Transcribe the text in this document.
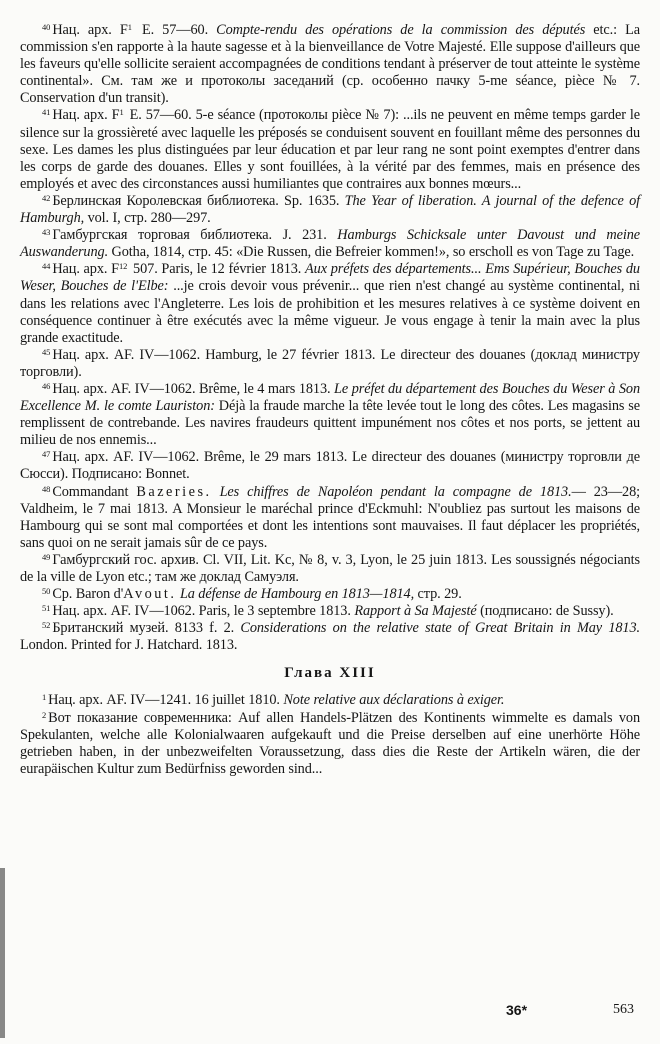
$^{40}$ Нац. арх. $F^1$ E. 57—60. Compte-rendu des opérations de la commission des députés etc.: La commission s'en rapporte à la haute sagesse et à la bienveillance de Votre Majesté. Elle suppose d'ailleurs que les faveurs qu'elle sollicite seraient accompagnées de conditions tendant à préserver de tout atteinte le système continental». См. там же и протоколы заседаний (ср. особенно пачку 5-me séance, pièce № 7. Conservation d'un transit).

$^{41}$ Нац. арх. $F^1$ E. 57—60. 5-e séance (протоколы pièce № 7): ...ils ne peuvent en même temps garder le silence sur la grossièreté avec laquelle les préposés se conduisent souvent en fouillant même des personnes du sexe. Les dames les plus distinguées par leur éducation et par leur rang ne sont point exemptes d'entrer dans les corps de garde des douanes. Elles y sont fouillées, à la vérité par des femmes, mais en présence des employés et avec des circonstances aussi humiliantes que contraires aux bonnes mœurs...

$^{42}$ Берлинская Королевская библиотека. Sp. 1635. The Year of liberation. A journal of the defence of Hamburgh, vol. I, стр. 280—297.

$^{43}$ Гамбургская торговая библиотека. J. 231. Hamburgs Schicksale unter Davoust und meine Auswanderung. Gotha, 1814, стр. 45: «Die Russen, die Befreier kommen!», so erscholl es von Tage zu Tage.

$^{44}$ Нац. арх. $F^{12}$ 507. Paris, le 12 février 1813. Aux préfets des départements... Ems Supérieur, Bouches du Weser, Bouches de l'Elbe: ...je crois devoir vous prévenir... que rien n'est changé au système continental, ni dans les relations avec l'Angleterre. Les lois de prohibition et les mesures relatives à ce système doivent en conséquence continuer à être exécutés avec la même vigueur. Je vous engage à tenir la main avec la plus grande exactitude.

$^{45}$ Нац. арх. AF. IV—1062. Hamburg, le 27 février 1813. Le directeur des douanes (доклад министру торговли).

$^{46}$ Нац. арх. AF. IV—1062. Brême, le 4 mars 1813. Le préfet du département des Bouches du Weser à Son Excellence M. le comte Lauriston: Déjà la fraude marche la tête levée tout le long des côtes. Les magasins se remplissent de contrebande. Les navires fraudeurs quittent impunément nos côtes et nos ports, se jettent au milieu de nos ennemis...

$^{47}$ Нац. арх. AF. IV—1062. Brême, le 29 mars 1813. Le directeur des douanes (министру торговли де Сюсси). Подписано: Bonnet.

$^{48}$ Commandant Bazeries. Les chiffres de Napoléon pendant la compagne de 1813.— 23—28; Valdheim, le 7 mai 1813. A Monsieur le maréchal prince d'Eckmuhl: N'oubliez pas surtout les maisons de Hambourg qui se sont mal comportées et dont les intentions sont mauvaises. Il faut déplacer les propriétés, sans quoi on ne serait jamais sûr de ce pays.

$^{49}$ Гамбургский гос. архив. Cl. VII, Lit. Kc, № 8, v. 3, Lyon, le 25 juin 1813. Les soussignés négociants de la ville de Lyon etc.; там же доклад Самуэля.

$^{50}$ Ср. Baron d'Avout. La défense de Hambourg en 1813—1814, стр. 29.

$^{51}$ Нац. арх. AF. IV—1062. Paris, le 3 septembre 1813. Rapport à Sa Majesté (подписано: de Sussy).

$^{52}$ Британский музей. 8133 f. 2. Considerations on the relative state of Great Britain in May 1813. London. Printed for J. Hatchard. 1813.

Глава XIII

$^1$ Нац. арх. AF. IV—1241. 16 juillet 1810. Note relative aux déclarations à exiger.

$^2$ Вот показание современника: Auf allen Handels-Plätzen des Kontinents wimmelte es damals von Spekulanten, welche alle Kolonialwaaren aufgekauft und die Preise derselben auf eine unerhörte Höhe getrieben haben, in der unbezweifelten Voraussetzung, dass dies die Reste der Artikeln wären, die der eurapäischen Kultur zum Bedürfniss geworden sind...

36*	563
